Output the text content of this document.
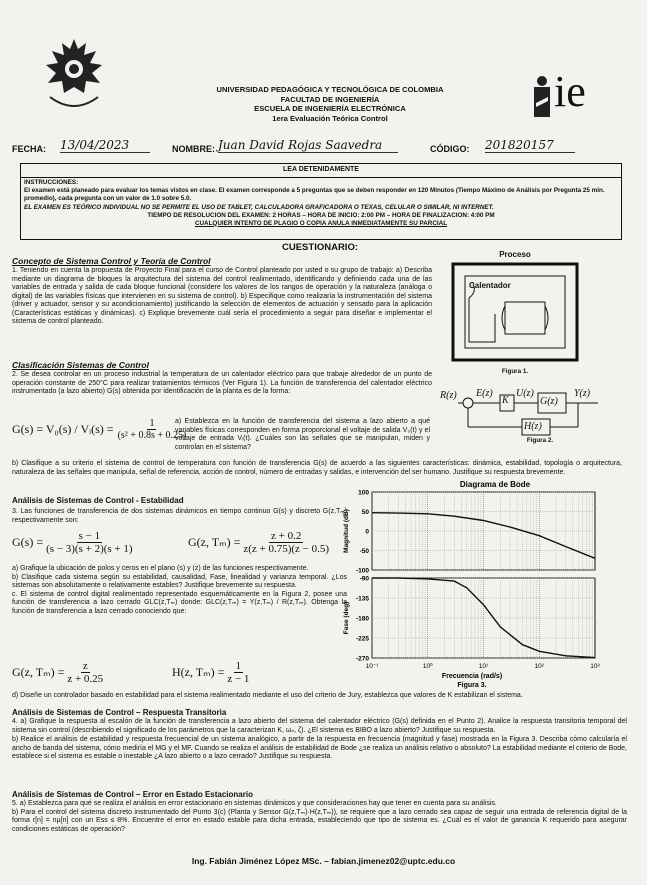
UNIVERSIDAD PEDAGÓGICA Y TECNOLÓGICA DE COLOMBIA
FACULTAD DE INGENIERÍA
ESCUELA DE INGENIERÍA ELECTRÓNICA
1era Evaluación Teórica Control
ie
FECHA: 13/04/2023	NOMBRE: Juan David Rojas Saavedra	CÓDIGO: 201820157
LEA DETENIDAMENTE
INSTRUCCIONES:
El examen está planeado para evaluar los temas vistos en clase. El examen corresponde a 5 preguntas que se deben responder en 120 Minutos (Tiempo Máximo de Análisis por Pregunta 25 min. promedio), cada pregunta con un valor de 1.0 sobre 5.0.
EL EXAMEN ES TEÓRICO INDIVIDUAL NO SE PERMITE EL USO DE TABLET, CALCULADORA GRAFICADORA O TEXAS, CELULAR O SIMILAR, NI INTERNET.
TIEMPO DE RESOLUCION DEL EXAMEN: 2 HORAS – HORA DE INICIO: 2:00 PM – HORA DE FINALIZACION: 4:00 PM
CUALQUIER INTENTO DE PLAGIO O COPIA ANULA INMEDIATAMENTE SU PARCIAL
CUESTIONARIO:
Concepto de Sistema Control y Teoría de Control
1. Teniendo en cuenta la propuesta de Proyecto Final para el curso de Control planteado por usted o su grupo de trabajo: a) Describa mediante un diagrama de bloques la arquitectura del sistema del control realimentado, identificando y definiendo cada una de las variables de entrada y salida de cada bloque funcional (considere los valores de los rangos de operación y la naturaleza (análoga o digital) de las variables físicas que intervienen en su sistema de control). b) Especifique como realizaría la instrumentación del sistema (driver y actuador, sensor y su acondicionamiento) justificando la selección de elementos de actuación y sensado para la aplicación (Características estáticas y dinámicas). c) Explique brevemente cuál sería el procedimiento a seguir para diseñar e implementar el sistema de control planteado.
Proceso
Calentador
Figura 1.
Clasificación Sistemas de Control
2. Se desea controlar en un proceso industrial la temperatura de un calentador eléctrico para que trabaje alrededor de un punto de operación constante de 250°C para realizar tratamientos térmicos (Ver Figura 1). La función de transferencia del calentador eléctrico instrumentado (a lazo abierto) G(s) obtenida por identificación de la planta es de la forma:
G(s) = V₀(s) / Vᵢ(s) = $\frac{1}{\text{(s² + 0.8s + 0.25)}}$
a) Establezca en la función de transferencia del sistema a lazo abierto a qué variables físicas corresponden en forma proporcional el voltaje de salida V₀(t) y el voltaje de entrada Vᵢ(t). ¿Cuáles son las señales que se manipulan, miden y controlan en el sistema?
R(z) E(z)
K
U(z)
G(z)
Y(z)
H(z)
Figura 2.
b) Clasifique a su criterio el sistema de control de temperatura con función de transferencia G(s) de acuerdo a las siguientes características: dinámica, estabilidad, topología o arquitectura, naturaleza de las señales que manipula, señal de referencia, acción de control, número de entradas y salidas, e intervención del ser humano. Justifique su respuesta brevemente.
Análisis de Sistemas de Control - Estabilidad
3. Las funciones de transferencia de dos sistemas dinámicos en tiempo continuo G(s) y discreto G(z,Tₘ) respectivamente son:
$G(s) = \frac{s - 1}{(s - 3)(s + 2)(s + 1)}$	G(z, $T_m) = \frac{z + 0.2}{z(z + 0.75)(z - 0.5)}$
a) Grafique la ubicación de polos y ceros en el plano (s) y (z) de las funciones respectivamente.
b) Clasifique cada sistema según su estabilidad, causalidad, Fase, linealidad y varianza temporal. ¿Los sistemas son absolutamente o relativamente estables? Justifique brevemente su respuesta.
c. El sistema de control digital realimentado representado esquemáticamente en la Figura 2, posee una función de transferencia a lazo cerrado GLC(z,Tₘ) donde: GLC(z,Tₘ) = Y(z,Tₘ) / R(z,Tₘ). Obtenga la función de transferencia a lazo cerrado conociendo que:
G(z, $T_m) = \frac{z}{z + 0.25}$	H(z, $T_m) = \frac{1}{z - 1}$
Diagrama de Bode
100
50
0
-50
-100
Magnitud (dB)
-90
-135
-180
-225
-270
Fase (deg)
10⁻¹	10⁰	10¹	10²	10³
Frecuencia (rad/s)
Figura 3.
d) Diseñe un controlador basado en estabilidad para el sistema realimentado mediante el uso del criterio de Jury, establezca que valores de K estabilizan el sistema.
Análisis de Sistemas de Control – Respuesta Transitoria
4. a) Grafique la respuesta al escalón de la función de transferencia a lazo abierto del sistema del calentador eléctrico (G(s) definida en el Punto 2). Analice la respuesta transitoria temporal del sistema sin control (describiendo el significado de los parámetros que la caracterizan K, ωₙ, ζ). ¿El sistema es BIBO a lazo abierto? Justifique su respuesta.
b) Realice el análisis de estabilidad y respuesta frecuencial de un sistema analógico, a partir de la respuesta en frecuencia (magnitud y fase) mostrada en la Figura 3. Describa cómo calcularía el ancho de banda del sistema, cómo mediría el MG y el MF. Cuando se realiza el análisis de estabilidad de Bode ¿se realiza un análisis relativo o absoluto? La estabilidad mediante el criterio de Bode, establece si el sistema es estable o inestable ¿A lazo abierto o a lazo cerrado? Justifique su respuesta.
Análisis de Sistemas de Control – Error en Estado Estacionario
5. a) Establezca para qué se realiza el análisis en error estacionario en sistemas dinámicos y que consideraciones hay que tener en cuenta para su análisis.
b) Para el control del sistema discreto instrumentado del Punto 3(c) (Planta y Sensor G(z,Tₘ)·H(z,Tₘ)), se requiere que a lazo cerrado sea capaz de seguir una entrada de referencia digital de la forma r[n] = nμ[n] con un Ess ≤ 8%. Encuentre el error en estado estable para dicha entrada, estableciendo que tipo de sistema es. ¿Cuál es el valor de ganancia K requerido para asegurar condiciones estáticas de operación?
Ing. Fabián Jiménez López MSc. – fabian.jimenez02@uptc.edu.co
